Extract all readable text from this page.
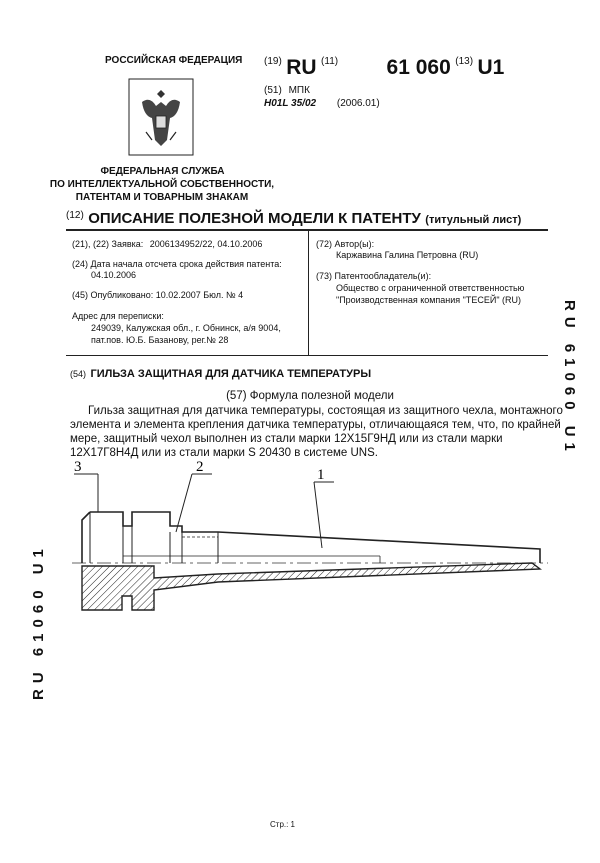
РОССИЙСКАЯ ФЕДЕРАЦИЯ
ФЕДЕРАЛЬНАЯ СЛУЖБА
ПО ИНТЕЛЛЕКТУАЛЬНОЙ СОБСТВЕННОСТИ,
ПАТЕНТАМ И ТОВАРНЫМ ЗНАКАМ
$^{(19)}$ RU $^{(11)}$ 61 060 $^{(13)}$ U1
(51) МПК
H01L 35/02 (2006.01)
$^{(12)}$ ОПИСАНИЕ ПОЛЕЗНОЙ МОДЕЛИ К ПАТЕНТУ (титульный лист)
(21), (22) Заявка: 2006134952/22, 04.10.2006
(24) Дата начала отсчета срока действия патента:
04.10.2006
(45) Опубликовано: 10.02.2007 Бюл. № 4
Адрес для переписки:
249039, Калужская обл., г. Обнинск, а/я 9004,
пат.пов. Ю.Б. Базанову, рег.№ 28
(72) Автор(ы):
Каржавина Галина Петровна (RU)
(73) Патентообладатель(и):
Общество с ограниченной ответственностью
"Производственная компания "ТЕСЕЙ" (RU)
(54) ГИЛЬЗА ЗАЩИТНАЯ ДЛЯ ДАТЧИКА ТЕМПЕРАТУРЫ
(57) Формула полезной модели

Гильза защитная для датчика температуры, состоящая из защитного чехла, монтажного

элемента и элемента крепления датчика температуры, отличающаяся тем, что, по крайней

мере, защитный чехол выполнен из стали марки 12Х15Г9НД или из стали марки

12Х17Г8Н4Д или из стали марки S 20430 в системе UNS.

3	2	1
RU 61060 U1
RU 61060 U1
Стр.: 1
